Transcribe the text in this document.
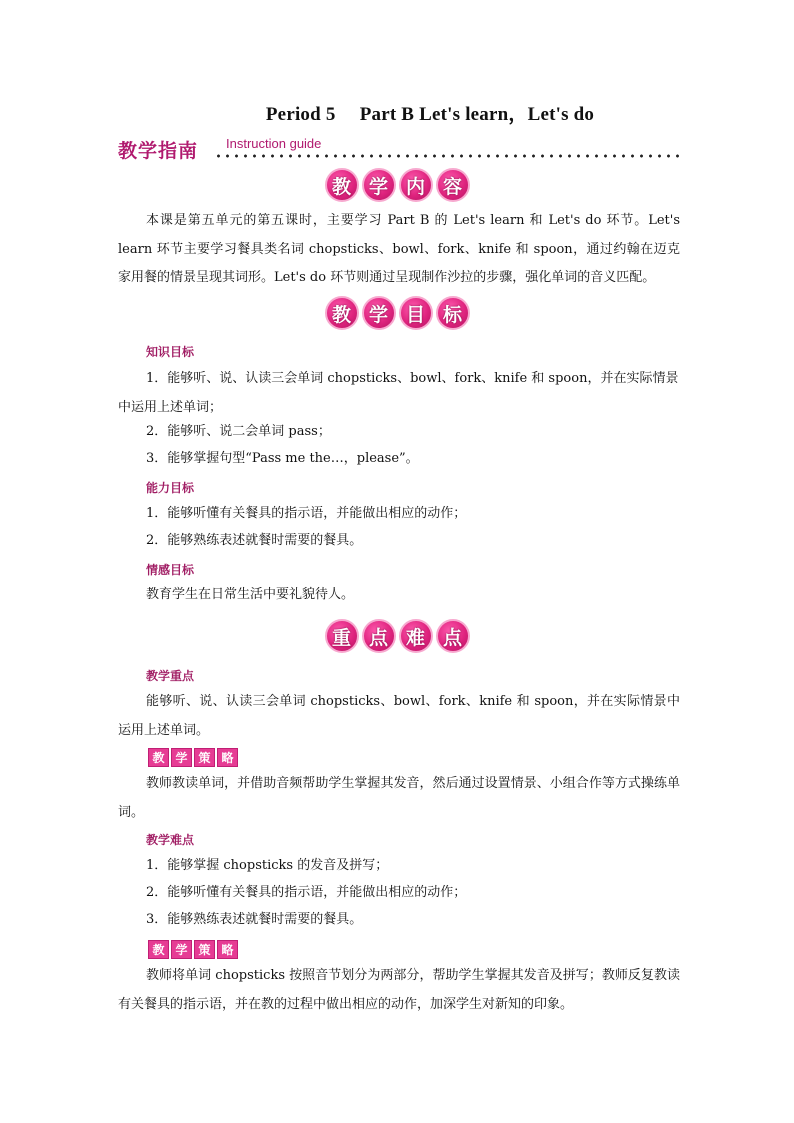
Period 5　 Part B Let's learn，Let's do
教学指南 Instruction guide
教 学 内 容
本课是第五单元的第五课时，主要学习 Part B 的 Let's learn 和 Let's do 环节。Let's learn 环节主要学习餐具类名词 chopsticks、bowl、fork、knife 和 spoon，通过约翰在迈克家用餐的情景呈现其词形。Let's do 环节则通过呈现制作沙拉的步骤，强化单词的音义匹配。
教 学 目 标
知识目标
1．能够听、说、认读三会单词 chopsticks、bowl、fork、knife 和 spoon，并在实际情景中运用上述单词；
2．能够听、说二会单词 pass；
3．能够掌握句型“Pass me the…，please”。
能力目标
1．能够听懂有关餐具的指示语，并能做出相应的动作；
2．能够熟练表述就餐时需要的餐具。
情感目标
教育学生在日常生活中要礼貌待人。
重 点 难 点
教学重点
能够听、说、认读三会单词 chopsticks、bowl、fork、knife 和 spoon，并在实际情景中运用上述单词。
教 学 策 略
教师教读单词，并借助音频帮助学生掌握其发音，然后通过设置情景、小组合作等方式操练单词。
教学难点
1．能够掌握 chopsticks 的发音及拼写；
2．能够听懂有关餐具的指示语，并能做出相应的动作；
3．能够熟练表述就餐时需要的餐具。
教 学 策 略
教师将单词 chopsticks 按照音节划分为两部分，帮助学生掌握其发音及拼写；教师反复教读有关餐具的指示语，并在教的过程中做出相应的动作，加深学生对新知的印象。
